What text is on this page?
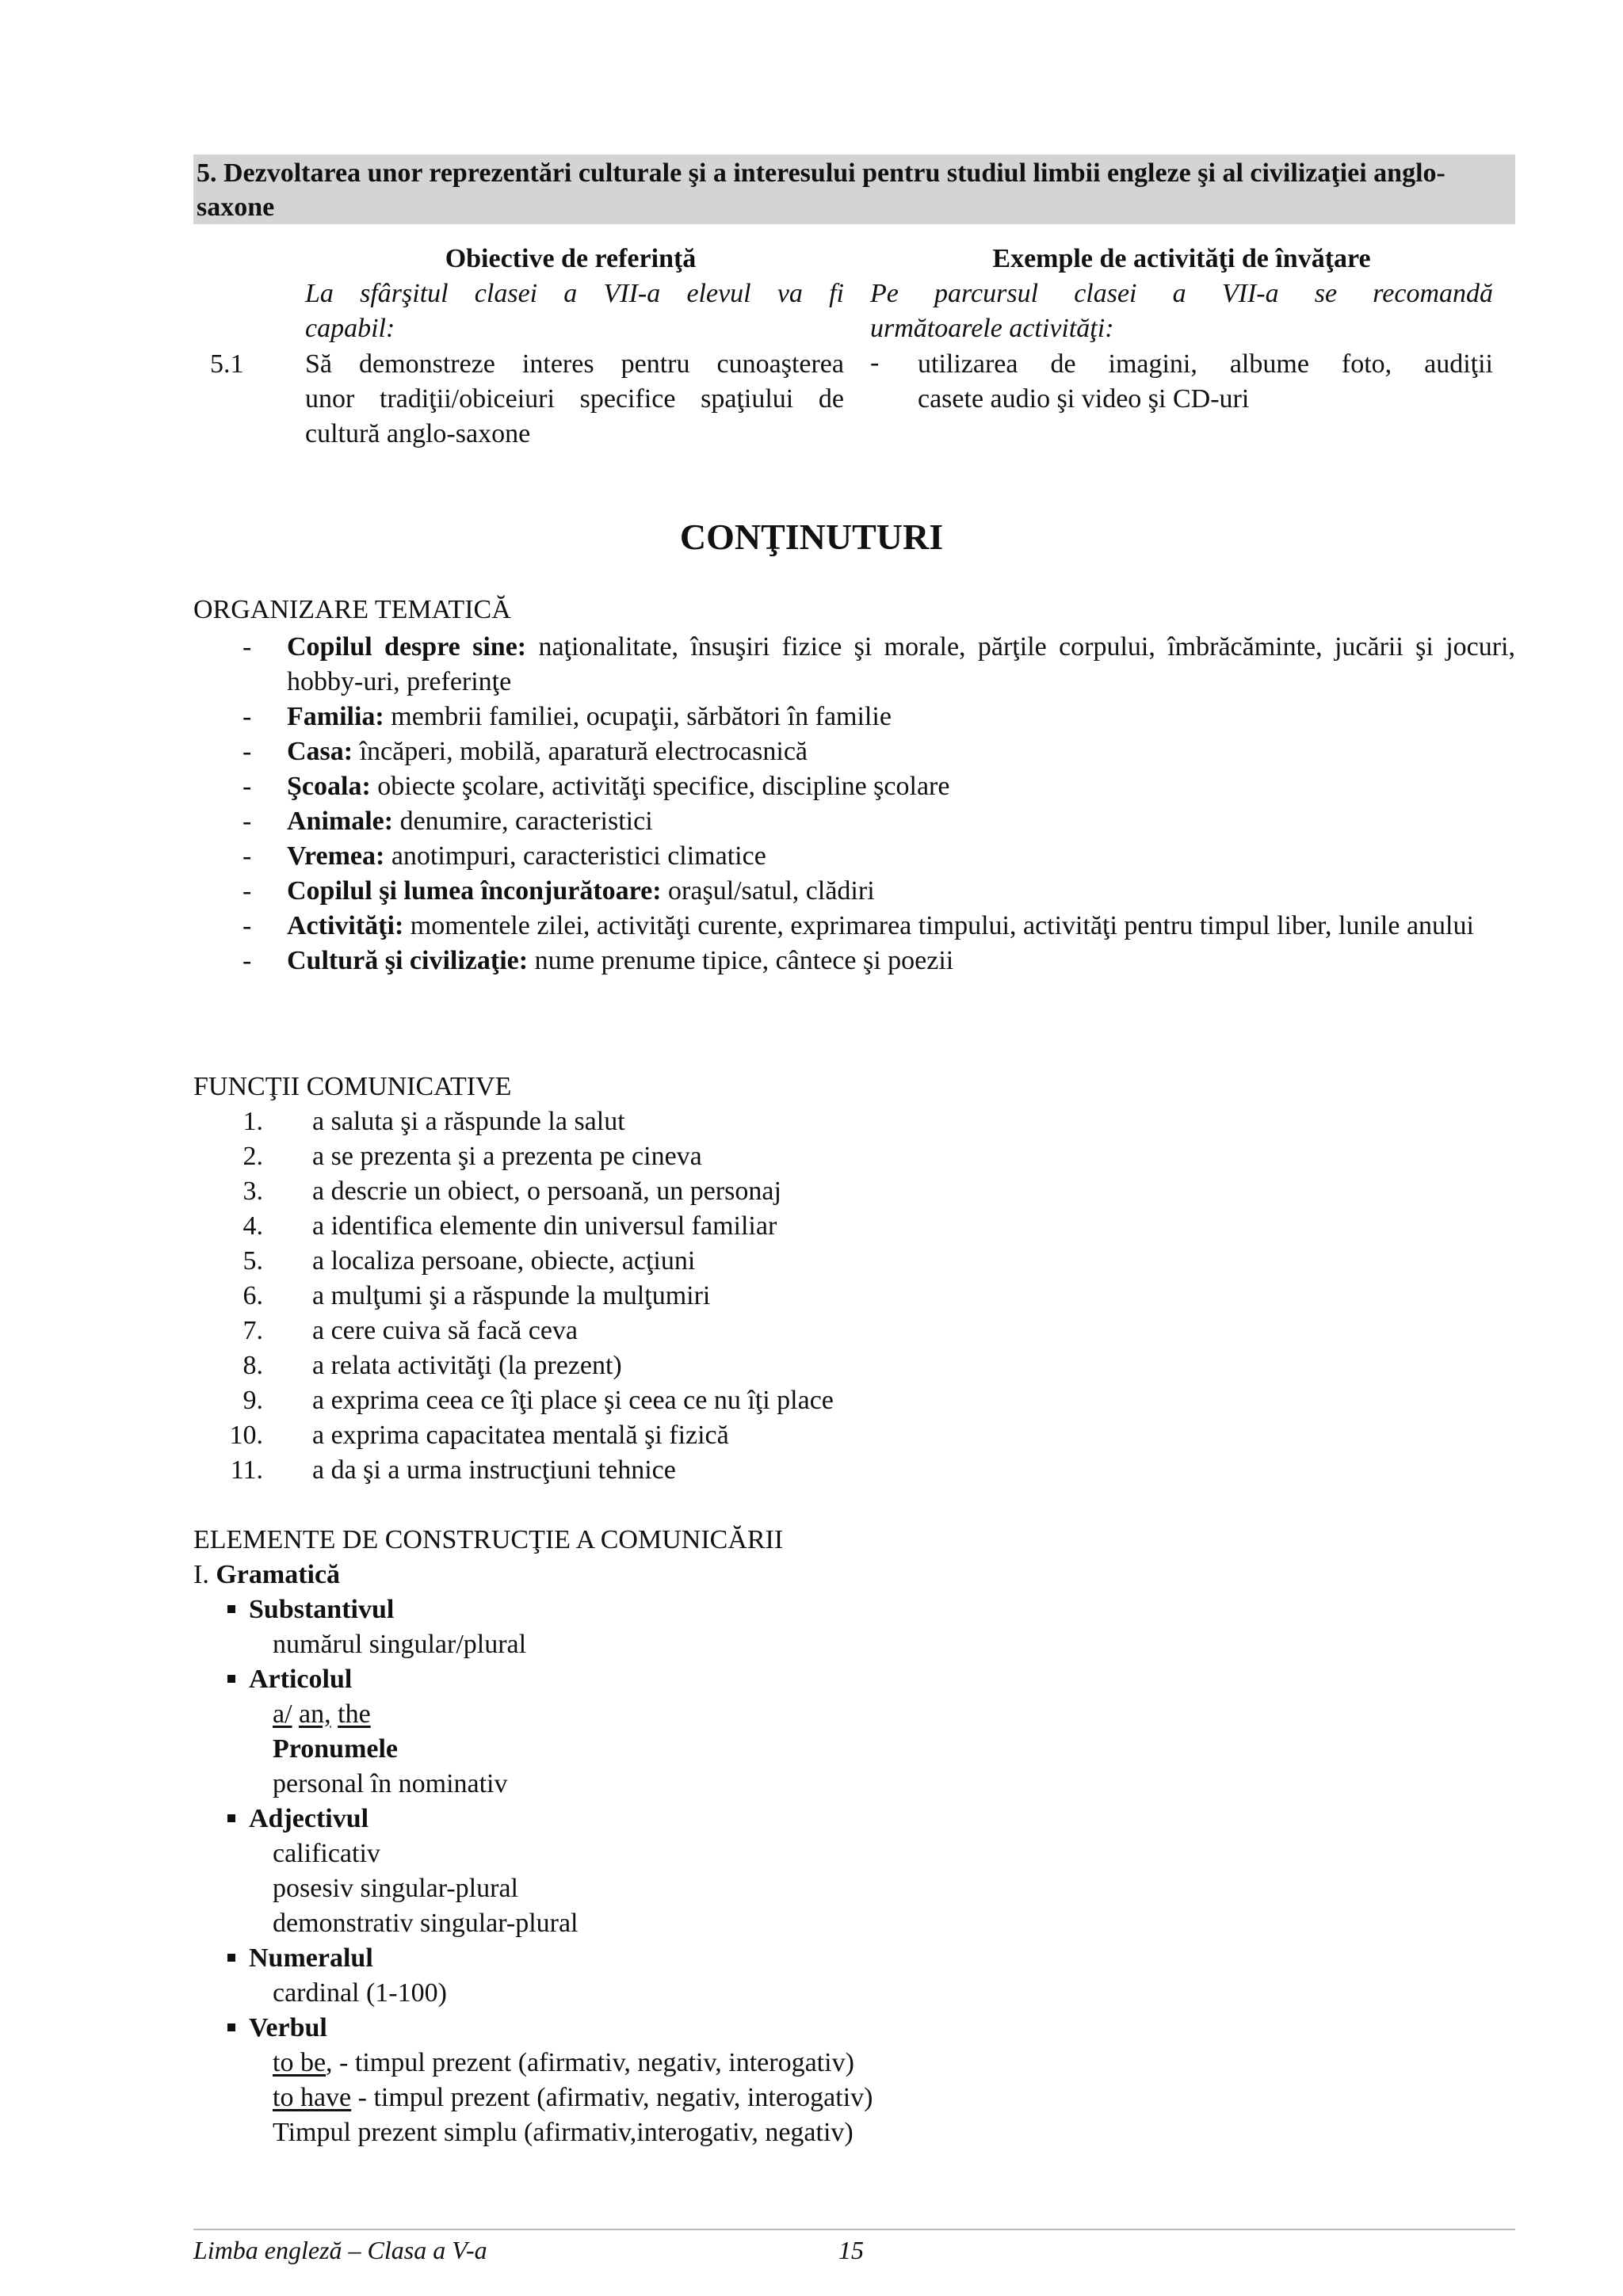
5. Dezvoltarea unor reprezentări culturale şi a interesului pentru studiul limbii engleze şi al civilizaţiei anglo-saxone
Obiective de referinţă	Exemple de activităţi de învăţare
La sfârşitul clasei a VII-a elevul va fi
capabil:
Pe parcursul clasei a VII-a se recomandă
următoarele activităţi:
5.1 Să demonstreze interes pentru cunoaşterea
unor tradiţii/obiceiuri specifice spaţiului de
cultură anglo-saxone
- utilizarea de imagini, albume foto, audiţii
casete audio şi video şi CD-uri
CONŢINUTURI
ORGANIZARE TEMATICĂ
- Copilul despre sine: naţionalitate, însuşiri fizice şi morale, părţile corpului, îmbrăcăminte, jucării şi jocuri, hobby-uri, preferinţe
- Familia: membrii familiei, ocupaţii, sărbători în familie
- Casa: încăperi, mobilă, aparatură electrocasnică
- Şcoala: obiecte şcolare, activităţi specifice, discipline şcolare
- Animale: denumire, caracteristici
- Vremea: anotimpuri, caracteristici climatice
- Copilul şi lumea înconjurătoare: oraşul/satul, clădiri
- Activităţi: momentele zilei, activităţi curente, exprimarea timpului, activităţi pentru timpul liber, lunile anului
- Cultură şi civilizaţie: nume prenume tipice, cântece şi poezii
FUNCŢII COMUNICATIVE
1. a saluta şi a răspunde la salut
2. a se prezenta şi a prezenta pe cineva
3. a descrie un obiect, o persoană, un personaj
4. a identifica elemente din universul familiar
5. a localiza persoane, obiecte, acţiuni
6. a mulţumi şi a răspunde la mulţumiri
7. a cere cuiva să facă ceva
8. a relata activităţi (la prezent)
9. a exprima ceea ce îţi place şi ceea ce nu îţi place
10. a exprima capacitatea mentală şi fizică
11. a da şi a urma instrucţiuni tehnice
ELEMENTE DE CONSTRUCŢIE A COMUNICĂRII
I. Gramatică
Substantivul
numărul singular/plural
Articolul
a/ an, the
Pronumele
personal în nominativ
Adjectivul
calificativ
posesiv singular-plural
demonstrativ singular-plural
Numeralul
cardinal (1-100)
Verbul
to be, - timpul prezent (afirmativ, negativ, interogativ)
to have - timpul prezent (afirmativ, negativ, interogativ)
Timpul prezent simplu (afirmativ,interogativ, negativ)
Limba engleză – Clasa a V-a	15
